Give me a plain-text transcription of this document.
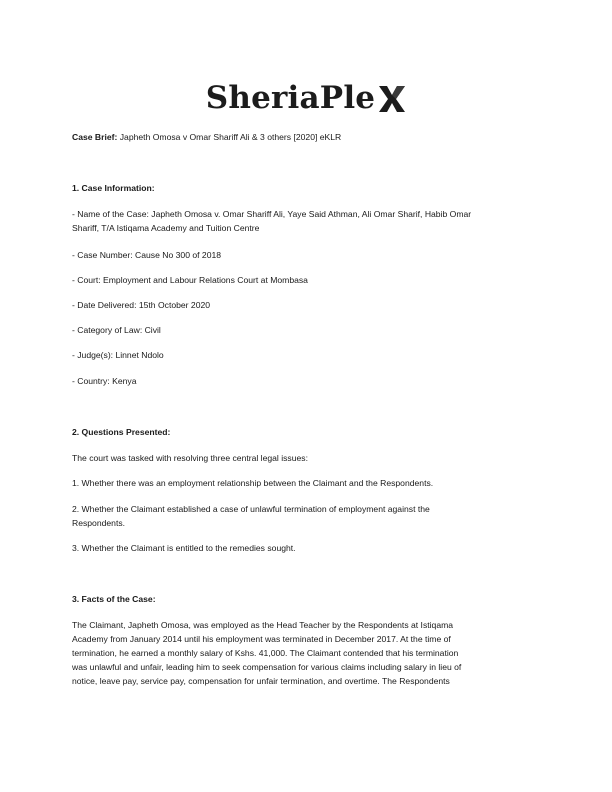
SheriaPle
Case Brief: Japheth Omosa v Omar Shariff Ali & 3 others [2020] eKLR
1. Case Information:
- Name of the Case: Japheth Omosa v. Omar Shariff Ali, Yaye Said Athman, Ali Omar Sharif, Habib Omar
Shariff, T/A Istiqama Academy and Tuition Centre
- Case Number: Cause No 300 of 2018
- Court: Employment and Labour Relations Court at Mombasa
- Date Delivered: 15th October 2020
- Category of Law: Civil
- Judge(s): Linnet Ndolo
- Country: Kenya
2. Questions Presented:
The court was tasked with resolving three central legal issues:
1. Whether there was an employment relationship between the Claimant and the Respondents.
2. Whether the Claimant established a case of unlawful termination of employment against the
Respondents.
3. Whether the Claimant is entitled to the remedies sought.
3. Facts of the Case:
The Claimant, Japheth Omosa, was employed as the Head Teacher by the Respondents at Istiqama
Academy from January 2014 until his employment was terminated in December 2017. At the time of
termination, he earned a monthly salary of Kshs. 41,000. The Claimant contended that his termination
was unlawful and unfair, leading him to seek compensation for various claims including salary in lieu of
notice, leave pay, service pay, compensation for unfair termination, and overtime. The Respondents
